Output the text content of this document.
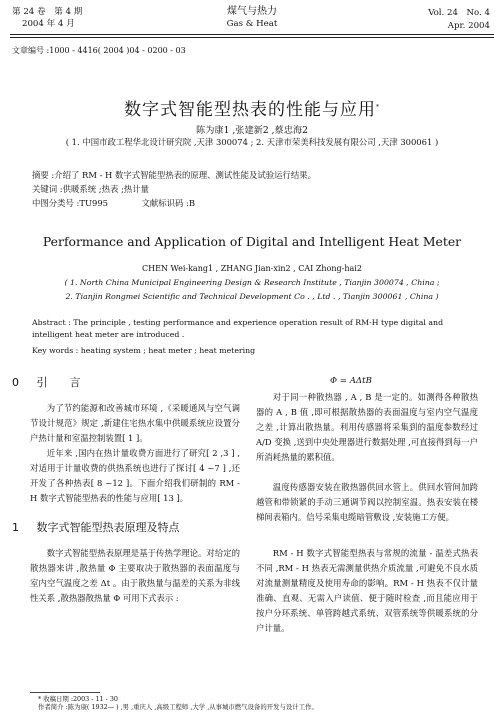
第 24 卷　第 4 期
2004 年 4 月
煤气与热力
Gas & Heat
Vol. 24　No. 4
Apr. 2004
文章编号 :1000 - 4416( 2004 )04 - 0200 - 03
数字式智能型热表的性能与应用*
陈为康1 ,张建新2 ,蔡忠海2
( 1. 中国市政工程华北设计研究院 ,天津 300074 ; 2. 天津市荣美科技发展有限公司 ,天津 300061 )
摘要 :介绍了 RM - H 数字式智能型热表的原理、测试性能及试验运行结果。
关键词 :供暖系统 ;热表 ;热计量
中图分类号 :TU995　　　　文献标识码 :B
Performance and Application of Digital and Intelligent Heat Meter
CHEN Wei-kang1 , ZHANG Jian-xin2 , CAI Zhong-hai2
( 1. North China Municipal Engineering Design & Research Institute , Tianjin 300074 , China ;
2. Tianjin Rongmei Scientific and Technical Development Co . , Ltd . , Tianjin 300061 , China )
Abstract : The principle , testing performance and experience operation result of RM-H type digital and intelligent heat meter are introduced .
Key words : heating system ; heat meter ; heat metering
0 引　　言
为了节约能源和改善城市环境 ,《采暖通风与空气调节设计规范》规定 ,新建住宅热水集中供暖系统应设置分户热计量和室温控制装置[ 1 ]。
近年来 ,国内在热计量收费方面进行了研究[ 2 ,3 ] ,对适用于计量收费的供热系统也进行了探讨[ 4 ~7 ] ,还开发了各种热表[ 8 ~12 ]。下面介绍我们研制的 RM - H 数字式智能型热表的性能与应用[ 13 ]。
1 数字式智能型热表原理及特点
数字式智能型热表原理是基于传热学理论。对给定的散热器来讲 ,散热量 Φ 主要取决于散热器的表面温度与室内空气温度之差 Δt 。由于散热量与温差的关系为非线性关系 ,散热器散热量 Φ 可用下式表示 :
Φ = AΔtB
对于同一种散热器 , A , B 是一定的。如测得各种散热器的 A , B 值 ,即可根据散热器的表面温度与室内空气温度之差 ,计算出散热量。利用传感器将采集到的温度参数经过 A/D 变换 ,送到中央处理器进行数据处理 ,可直接得到每一户所消耗热量的累积值。
温度传感器安装在散热器供回水管上。供回水管间加跨越管和带锁紧的手动三通调节阀以控制室温。热表安装在楼梯间表箱内。信号采集电缆暗管敷设 ,安装施工方便。
RM - H 数字式智能型热表与常规的流量 - 温差式热表不同 ,RM - H 热表无需测量供热介质流量 ,可避免不良水质对流量测量精度及使用寿命的影响。RM - H 热表不仅计量准确、直观、无需入户读值、便于随时检查 ,而且能应用于按户分环系统、单管跨越式系统、双管系统等供暖系统的分户计量。
* 收稿日期 :2003 - 11 - 30
作者简介 :陈为康( 1932— ) ,男 ,重庆人 ,高级工程师 ,大学 ,从事城市燃气设备的开发与设计工作。
